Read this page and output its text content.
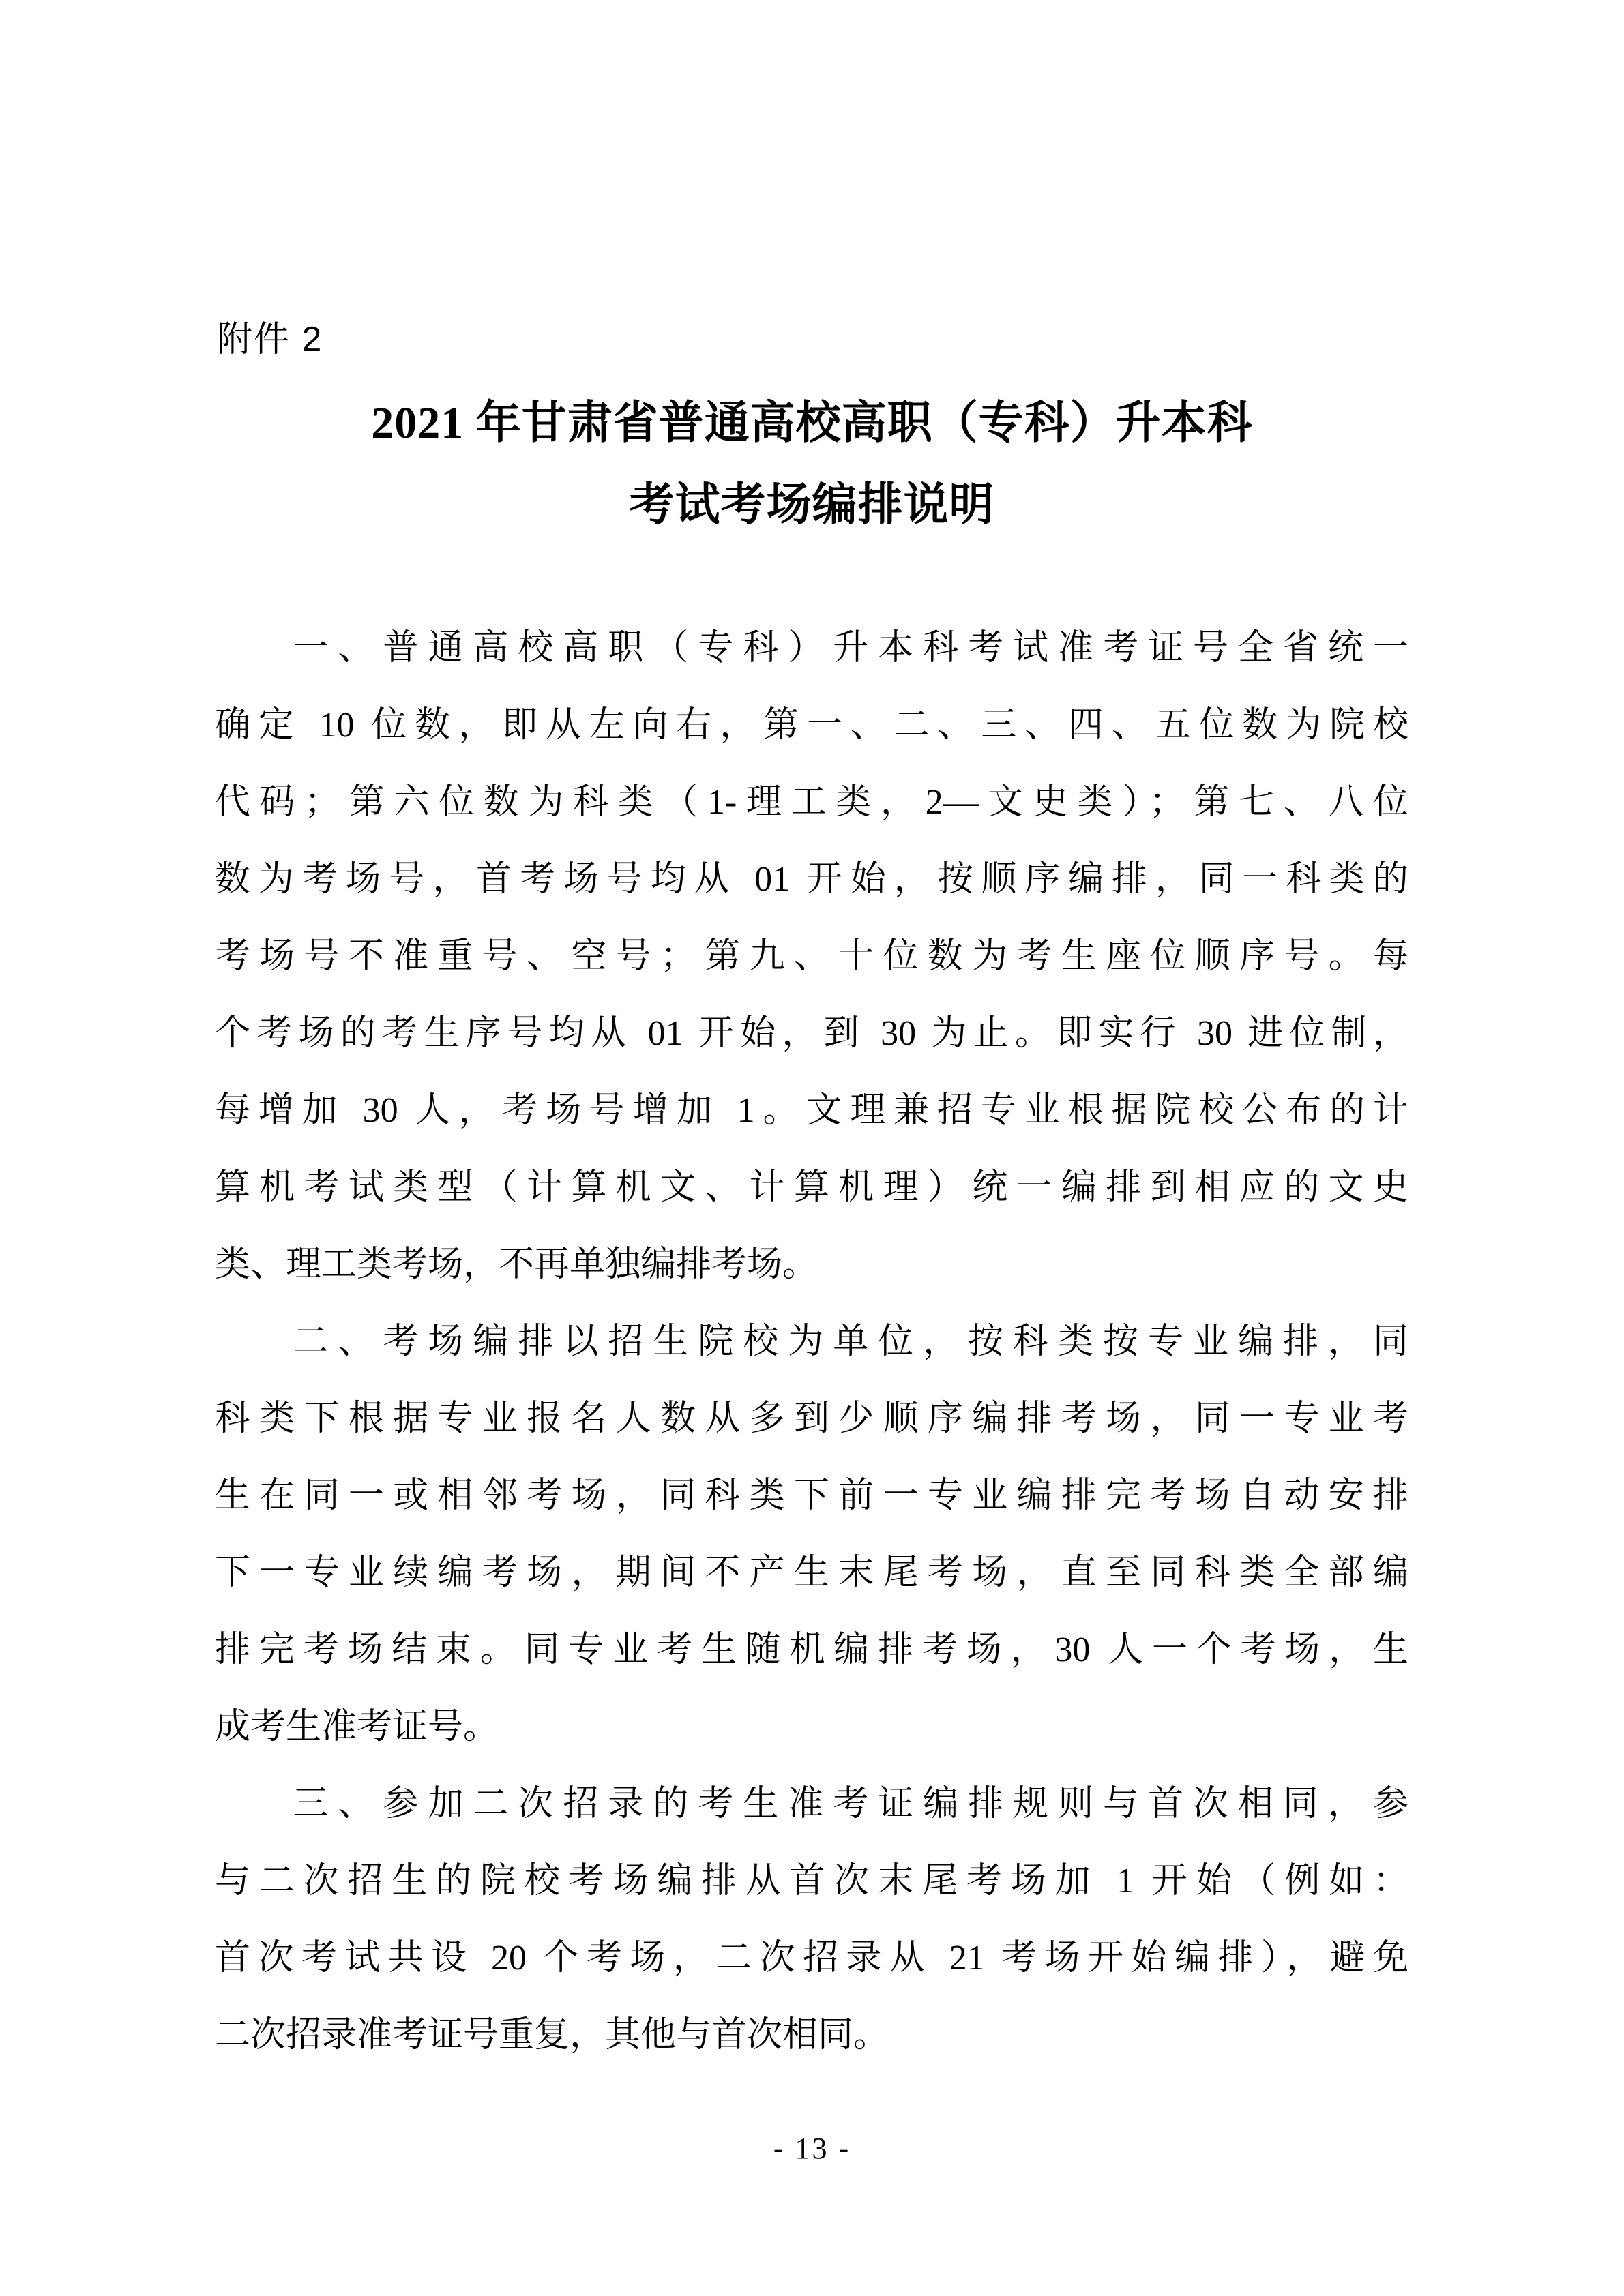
附件 2
2021 年甘肃省普通高校高职（专科）升本科
考试考场编排说明
一、普通高校高职（专科）升本科考试准考证号全省统一
确定 10 位数，即从左向右，第一、二、三、四、五位数为院校
代码；第六位数为科类（1-理工类，2—文史类）；第七、八位
数为考场号，首考场号均从 01 开始，按顺序编排，同一科类的
考场号不准重号、空号；第九、十位数为考生座位顺序号。每
个考场的考生序号均从 01 开始，到 30 为止。即实行 30 进位制，
每增加 30 人，考场号增加 1。文理兼招专业根据院校公布的计
算机考试类型（计算机文、计算机理）统一编排到相应的文史
类、理工类考场，不再单独编排考场。
二、考场编排以招生院校为单位，按科类按专业编排，同
科类下根据专业报名人数从多到少顺序编排考场，同一专业考
生在同一或相邻考场，同科类下前一专业编排完考场自动安排
下一专业续编考场，期间不产生末尾考场，直至同科类全部编
排完考场结束。同专业考生随机编排考场，30 人一个考场，生
成考生准考证号。
三、参加二次招录的考生准考证编排规则与首次相同，参
与二次招生的院校考场编排从首次末尾考场加 1 开始（例如：
首次考试共设 20 个考场，二次招录从 21 考场开始编排），避免
二次招录准考证号重复，其他与首次相同。
- 13 -
